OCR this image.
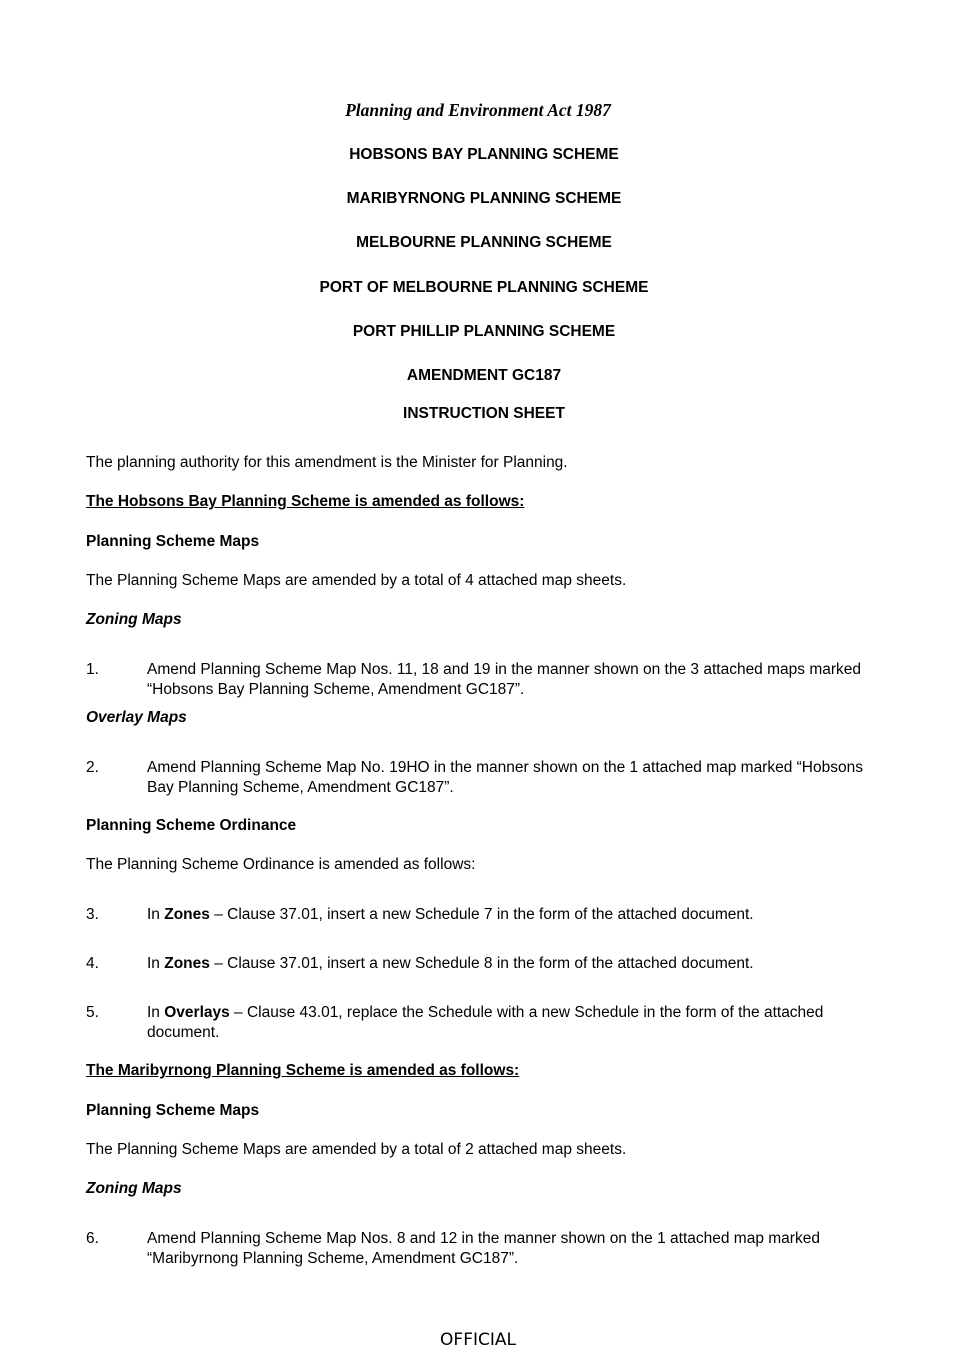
Planning and Environment Act 1987
HOBSONS BAY PLANNING SCHEME
MARIBYRNONG PLANNING SCHEME
MELBOURNE PLANNING SCHEME
PORT OF MELBOURNE PLANNING SCHEME
PORT PHILLIP PLANNING SCHEME
AMENDMENT GC187
INSTRUCTION SHEET
The planning authority for this amendment is the Minister for Planning.
The Hobsons Bay Planning Scheme is amended as follows:
Planning Scheme Maps
The Planning Scheme Maps are amended by a total of 4 attached map sheets.
Zoning Maps
1.	Amend Planning Scheme Map Nos. 11, 18 and 19 in the manner shown on the 3 attached maps marked “Hobsons Bay Planning Scheme, Amendment GC187”.
Overlay Maps
2.	Amend Planning Scheme Map No. 19HO in the manner shown on the 1 attached map marked “Hobsons Bay Planning Scheme, Amendment GC187”.
Planning Scheme Ordinance
The Planning Scheme Ordinance is amended as follows:
3.	In Zones – Clause 37.01, insert a new Schedule 7 in the form of the attached document.
4.	In Zones – Clause 37.01, insert a new Schedule 8 in the form of the attached document.
5.	In Overlays – Clause 43.01, replace the Schedule with a new Schedule in the form of the attached document.
The Maribyrnong Planning Scheme is amended as follows:
Planning Scheme Maps
The Planning Scheme Maps are amended by a total of 2 attached map sheets.
Zoning Maps
6.	Amend Planning Scheme Map Nos. 8 and 12 in the manner shown on the 1 attached map marked “Maribyrnong Planning Scheme, Amendment GC187”.
OFFICIAL
